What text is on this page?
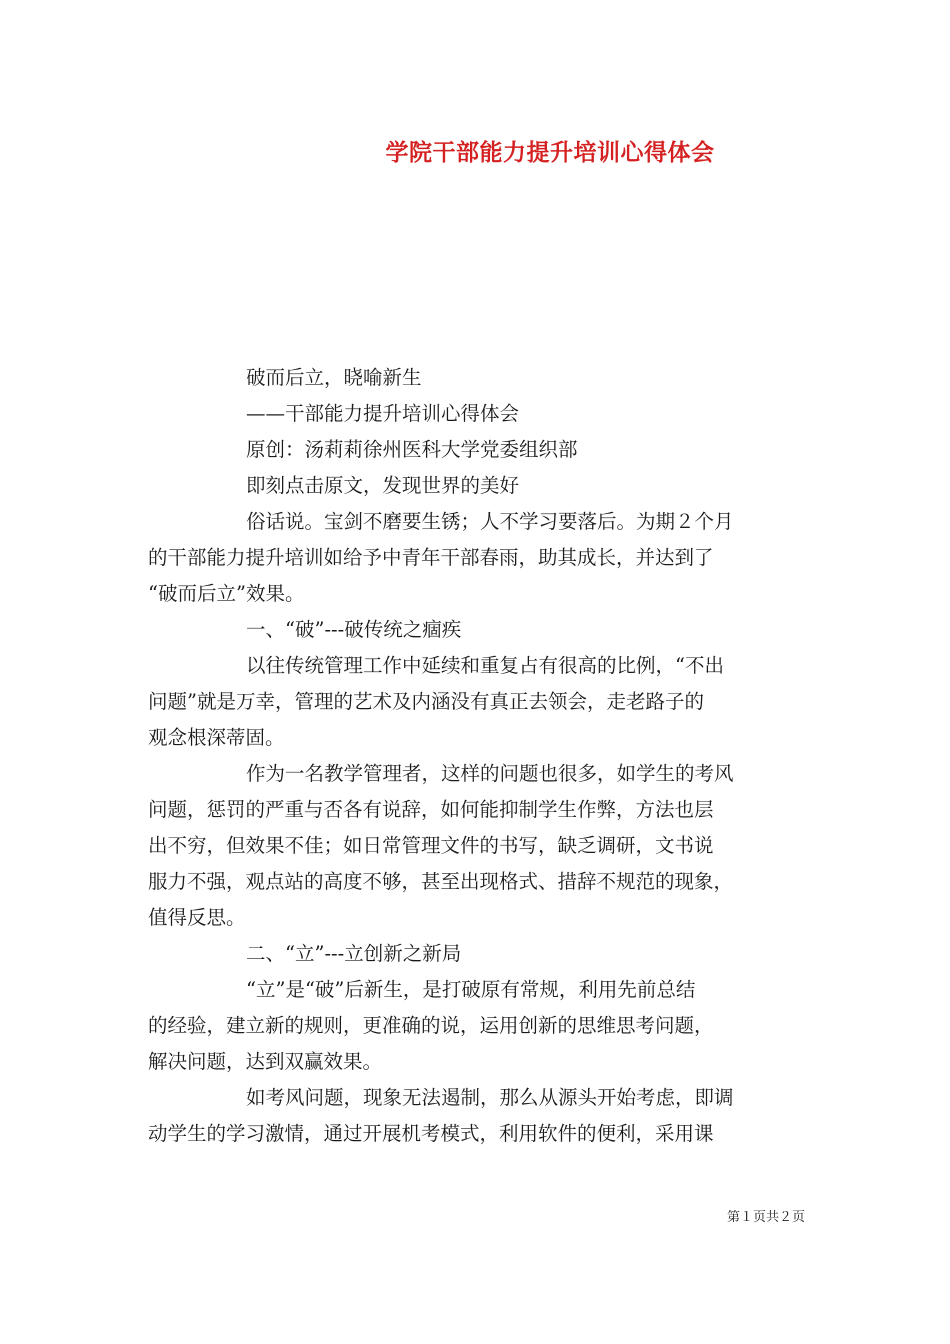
学院干部能力提升培训心得体会
破而后立，晓喻新生
——干部能力提升培训心得体会
原创：汤莉莉徐州医科大学党委组织部
即刻点击原文，发现世界的美好
俗话说。宝剑不磨要生锈；人不学习要落后。为期２个月
的干部能力提升培训如给予中青年干部春雨，助其成长，并达到了
“破而后立”效果。
一、“破”---破传统之痼疾
以往传统管理工作中延续和重复占有很高的比例，“不出
问题”就是万幸，管理的艺术及内涵没有真正去领会，走老路子的
观念根深蒂固。
作为一名教学管理者，这样的问题也很多，如学生的考风
问题，惩罚的严重与否各有说辞，如何能抑制学生作弊，方法也层
出不穷，但效果不佳；如日常管理文件的书写，缺乏调研，文书说
服力不强，观点站的高度不够，甚至出现格式、措辞不规范的现象，
值得反思。
二、“立”---立创新之新局
“立”是“破”后新生，是打破原有常规，利用先前总结
的经验，建立新的规则，更准确的说，运用创新的思维思考问题，
解决问题，达到双赢效果。
如考风问题，现象无法遏制，那么从源头开始考虑，即调
动学生的学习激情，通过开展机考模式，利用软件的便利，采用课
第１页共２页
